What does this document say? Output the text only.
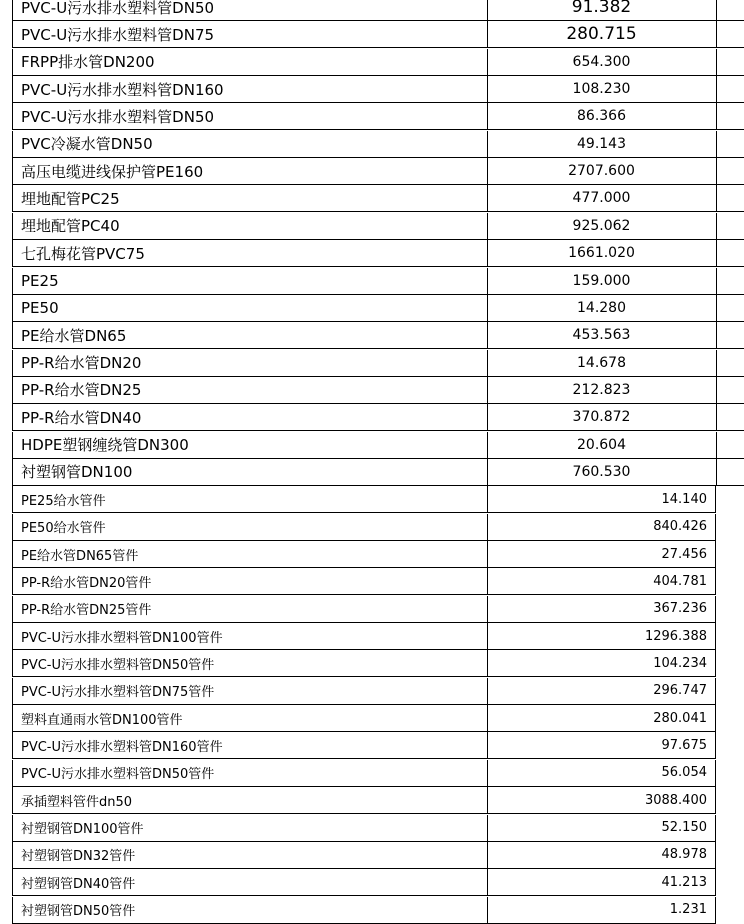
PVC-U污水排水塑料管DN50	91.382
PVC-U污水排水塑料管DN75	280.715
FRPP排水管DN200	654.300
PVC-U污水排水塑料管DN160	108.230
PVC-U污水排水塑料管DN50	86.366
PVC冷凝水管DN50	49.143
高压电缆进线保护管PE160	2707.600
埋地配管PC25	477.000
埋地配管PC40	925.062
七孔梅花管PVC75	1661.020
PE25	159.000
PE50	14.280
PE给水管DN65	453.563
PP-R给水管DN20	14.678
PP-R给水管DN25	212.823
PP-R给水管DN40	370.872
HDPE塑钢缠绕管DN300	20.604
衬塑钢管DN100	760.530
PE25给水管件	14.140
PE50给水管件	840.426
PE给水管DN65管件	27.456
PP-R给水管DN20管件	404.781
PP-R给水管DN25管件	367.236
PVC-U污水排水塑料管DN100管件	1296.388
PVC-U污水排水塑料管DN50管件	104.234
PVC-U污水排水塑料管DN75管件	296.747
塑料直通雨水管DN100管件	280.041
PVC-U污水排水塑料管DN160管件	97.675
PVC-U污水排水塑料管DN50管件	56.054
承插塑料管件dn50	3088.400
衬塑钢管DN100管件	52.150
衬塑钢管DN32管件	48.978
衬塑钢管DN40管件	41.213
衬塑钢管DN50管件	1.231
